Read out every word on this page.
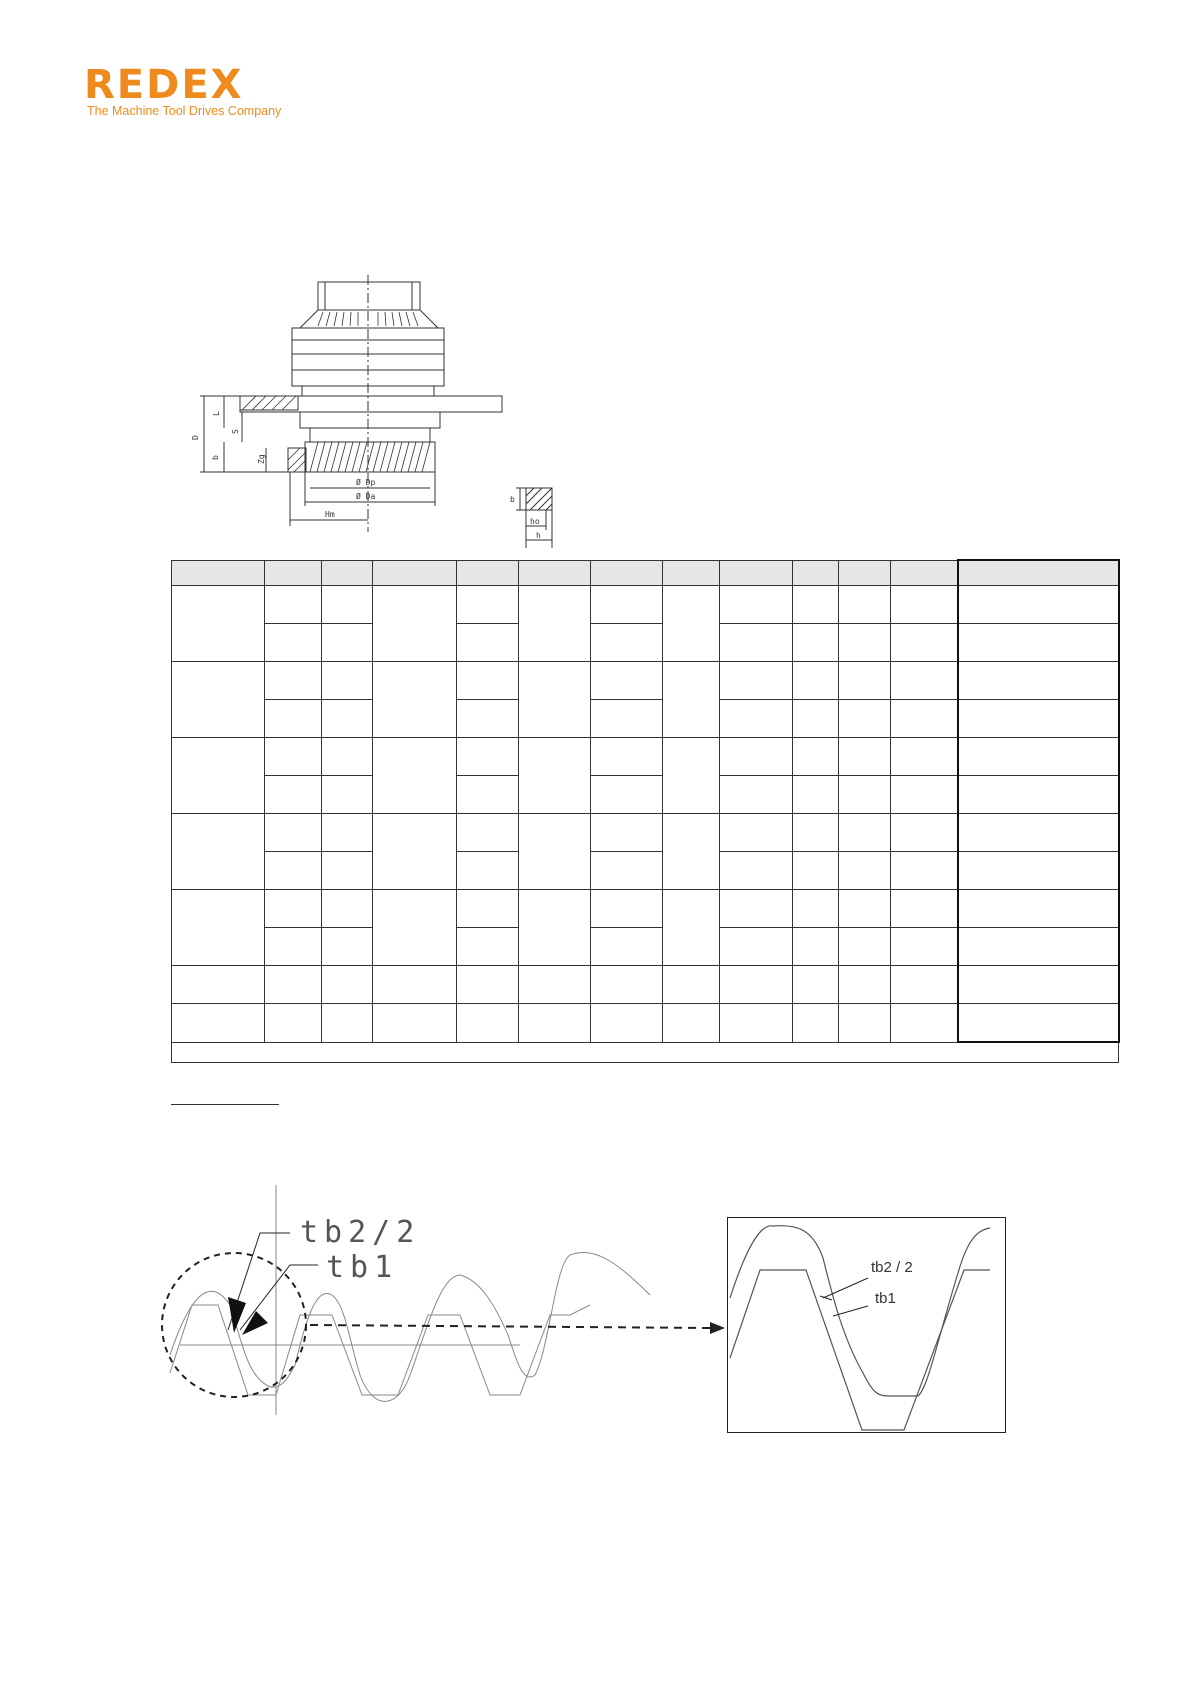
REDEX
The Machine Tool Drives Company
D
L
S
b	Zg
Ø Dp
Ø Da
Hm
b
ho
h

tb2/2
tb1	tb2 / 2
tb1
